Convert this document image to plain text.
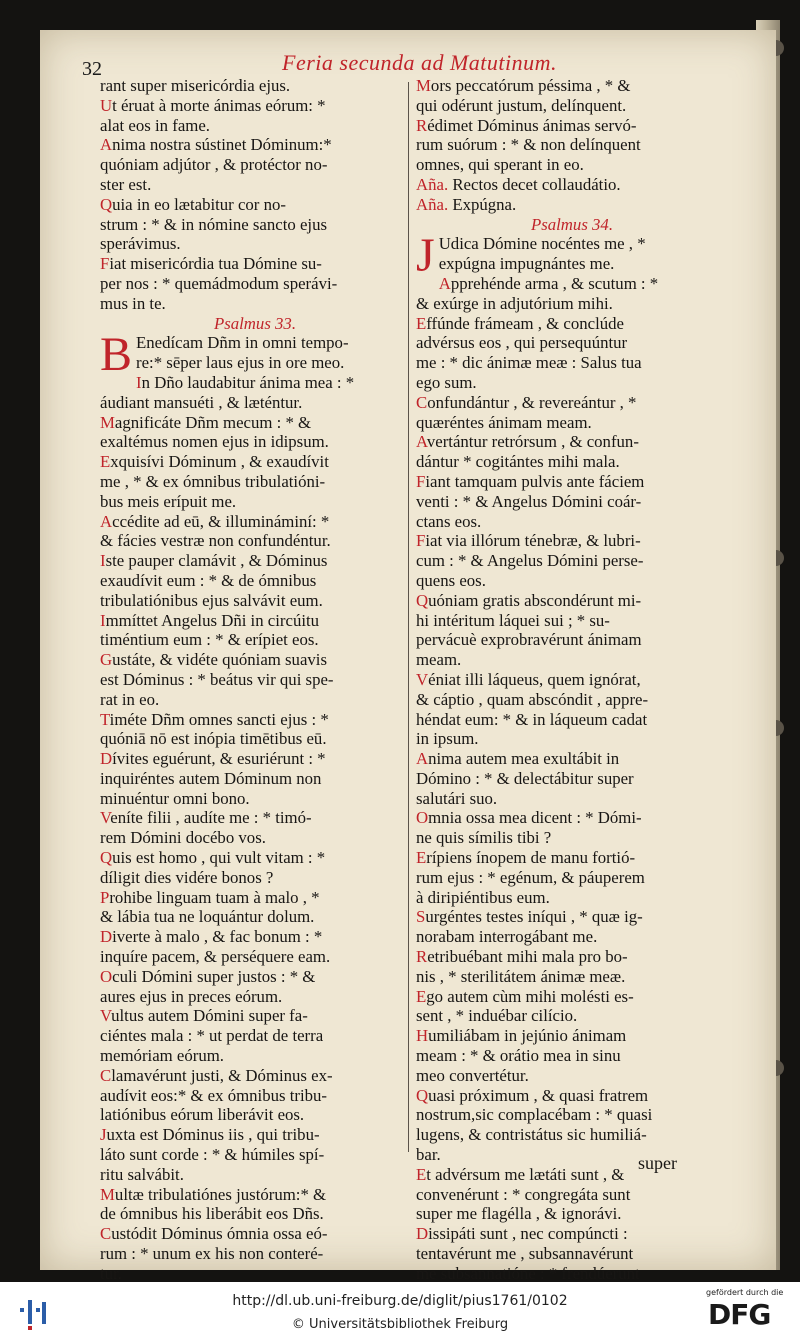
32	Feria secunda ad Matutinum.
rant super misericórdia ejus.
Ut éruat à morte ánimas eórum: *
alat eos in fame.
Anima nostra sústinet Dóminum:*
quóniam adjútor , & protéctor no-
ster est.
Quia in eo lætabitur cor no-
strum : * & in nómine sancto ejus
sperávimus.
Fiat misericórdia tua Dómine su-
per nos : * quemádmodum sperávi-
mus in te.
Psalmus 33.
B Enedícam Dñm in omni tempo-
re:* sēper laus ejus in ore meo.
In Dño laudabitur ánima mea : *
áudiant mansuéti , & læténtur.
Magnificáte Dñm mecum : * &
exaltémus nomen ejus in idipsum.
Exquisívi Dóminum , & exaudívit
me , * & ex ómnibus tribulatióni-
bus meis erípuit me.
Accédite ad eū, & illumináminí: *
& fácies vestræ non confundéntur.
Iste pauper clamávit , & Dóminus
exaudívit eum : * & de ómnibus
tribulatiónibus ejus salvávit eum.
Immíttet Angelus Dñi in circúitu
timéntium eum : * & erípiet eos.
Gustáte, & vidéte quóniam suavis
est Dóminus : * beátus vir qui spe-
rat in eo.
Timéte Dñm omnes sancti ejus : *
quóniā nō est inópia timētibus eū.
Dívites eguérunt, & esuriérunt : *
inquiréntes autem Dóminum non
minuéntur omni bono.
Veníte filii , audíte me : * timó-
rem Dómini docébo vos.
Quis est homo , qui vult vitam : *
díligit dies vidére bonos ?
Prohibe linguam tuam à malo , *
& lábia tua ne loquántur dolum.
Diverte à malo , & fac bonum : *
inquíre pacem, & perséquere eam.
Oculi Dómini super justos : * &
aures ejus in preces eórum.
Vultus autem Dómini super fa-
ciéntes mala : * ut perdat de terra
memóriam eórum.
Clamavérunt justi, & Dóminus ex-
audívit eos:* & ex ómnibus tribu-
latiónibus eórum liberávit eos.
Juxta est Dóminus iis , qui tribu-
láto sunt corde : * & húmiles spí-
ritu salvábit.
Multæ tribulatiónes justórum:* &
de ómnibus his liberábit eos Dñs.
Custódit Dóminus ómnia ossa eó-
rum : * unum ex his non conteré-
tur.
Mors peccatórum péssima , * &
qui odérunt justum, delínquent.
Rédimet Dóminus ánimas servó-
rum suórum : * & non delínquent
omnes, qui sperant in eo.
Aña. Rectos decet collaudátio.
Aña. Expúgna.
Psalmus 34.
J Udica Dómine nocéntes me , *
expúgna impugnántes me.
Apprehénde arma , & scutum : *
& exúrge in adjutórium mihi.
Effúnde frámeam , & conclúde
advérsus eos , qui persequúntur
me : * dic ánimæ meæ : Salus tua
ego sum.
Confundántur , & revereántur , *
quæréntes ánimam meam.
Avertántur retrórsum , & confun-
dántur * cogitántes mihi mala.
Fiant tamquam pulvis ante fáciem
venti : * & Angelus Dómini coár-
ctans eos.
Fiat via illórum ténebræ, & lubri-
cum : * & Angelus Dómini perse-
quens eos.
Quóniam gratis abscondérunt mi-
hi intéritum láquei sui ; * su-
pervácuè exprobravérunt ánimam
meam.
Véniat illi láqueus, quem ignórat,
& cáptio , quam abscóndit , appre-
héndat eum: * & in láqueum cadat
in ipsum.
Anima autem mea exultábit in
Dómino : * & delectábitur super
salutári suo.
Omnia ossa mea dicent : * Dómi-
ne quis símilis tibi ?
Erípiens ínopem de manu fortió-
rum ejus : * egénum, & páuperem
à diripiéntibus eum.
Surgéntes testes iníqui , * quæ ig-
norabam interrogábant me.
Retribuébant mihi mala pro bo-
nis , * sterilitátem ánimæ meæ.
Ego autem cùm mihi molésti es-
sent , * induébar cilício.
Humiliábam in jejúnio ánimam
meam : * & orátio mea in sinu
meo convertétur.
Quasi próximum , & quasi fratrem
nostrum,sic complacébam : * quasi
lugens, & contristátus sic humiliá-
bar.
Et advérsum me lætáti sunt , &
convenérunt : * congregáta sunt
super me flagélla , & ignorávi.
Dissipáti sunt , nec compúncti :
tentavérunt me , subsannavérunt
me subsannatióne : * frendúerunt
super
http://dl.ub.uni-freiburg.de/diglit/pius1761/0102
© Universitätsbibliothek Freiburg
gefördert durch die
DFG
